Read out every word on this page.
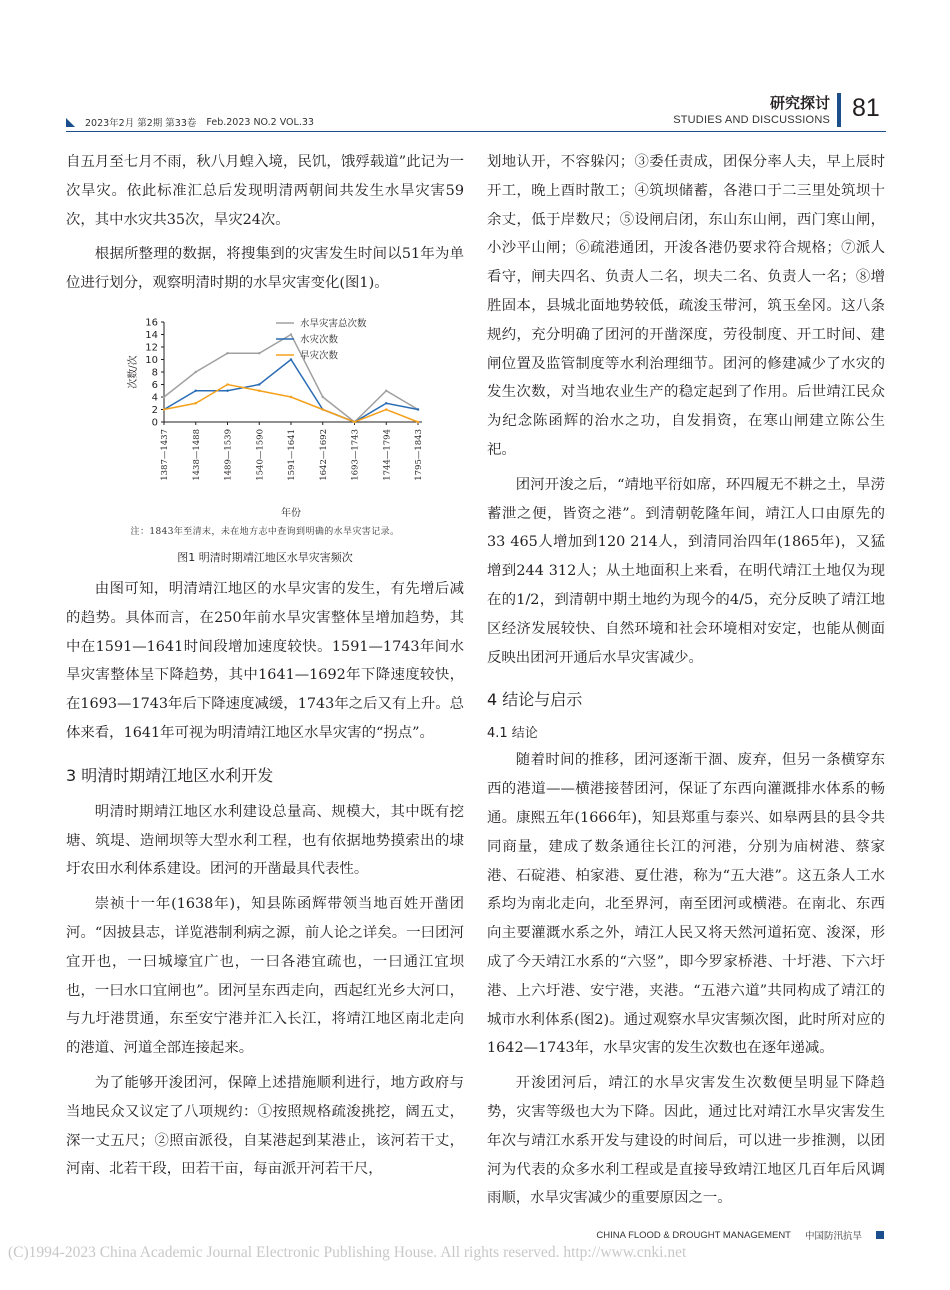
2023年2月 第2期 第33卷 Feb.2023 NO.2 VOL.33
研究探讨
STUDIES AND DISCUSSIONS 81

自五月至七月不雨，秋八月蝗入境，民饥，饿殍载道”此记为一次旱灾。依此标准汇总后发现明清两朝间共发生水旱灾害59次，其中水灾共35次，旱灾24次。

根据所整理的数据，将搜集到的灾害发生时间以51年为单位进行划分，观察明清时期的水旱灾害变化(图1)。

0
2
4
6
8
10
12
14
16
1387—1437	1438—1488	1489—1539	1540—1590	1591—1641	1642—1692	1693—1743	1744—1794	1795—1843
次数/次
年份
水旱灾害总次数
水灾次数
旱灾次数
注：1843年至清末，未在地方志中查询到明确的水旱灾害记录。
图1 明清时期靖江地区水旱灾害频次

由图可知，明清靖江地区的水旱灾害的发生，有先增后减的趋势。具体而言，在250年前水旱灾害整体呈增加趋势，其中在1591—1641时间段增加速度较快。1591—1743年间水旱灾害整体呈下降趋势，其中1641—1692年下降速度较快，在1693—1743年后下降速度减缓，1743年之后又有上升。总体来看，1641年可视为明清靖江地区水旱灾害的“拐点”。

3 明清时期靖江地区水利开发

明清时期靖江地区水利建设总量高、规模大，其中既有挖塘、筑堤、造闸坝等大型水利工程，也有依据地势摸索出的埭圩农田水利体系建设。团河的开凿最具代表性。

崇祯十一年(1638年)，知县陈函辉带领当地百姓开凿团河。“因披县志，详览港制利病之源，前人论之详矣。一曰团河宜开也，一曰城壕宜广也，一曰各港宜疏也，一曰通江宜坝也，一曰水口宜闸也”。团河呈东西走向，西起红光乡大河口，与九圩港贯通，东至安宁港并汇入长江，将靖江地区南北走向的港道、河道全部连接起来。

为了能够开浚团河，保障上述措施顺利进行，地方政府与当地民众又议定了八项规约：①按照规格疏浚挑挖，阔五丈，深一丈五尺；②照亩派役，自某港起到某港止，该河若干丈，河南、北若干段，田若干亩，每亩派开河若干尺，

划地认开，不容躲闪；③委任责成，团保分率人夫，早上辰时开工，晚上酉时散工；④筑坝储蓄，各港口于二三里处筑坝十余丈，低于岸数尺；⑤设闸启闭，东山东山闸，西门寒山闸，小沙平山闸；⑥疏港通团，开浚各港仍要求符合规格；⑦派人看守，闸夫四名、负责人二名，坝夫二名、负责人一名；⑧增胜固本，县城北面地势较低，疏浚玉带河，筑玉垒冈。这八条规约，充分明确了团河的开凿深度，劳役制度、开工时间、建闸位置及监管制度等水利治理细节。团河的修建减少了水灾的发生次数，对当地农业生产的稳定起到了作用。后世靖江民众为纪念陈函辉的治水之功，自发捐资，在寒山闸建立陈公生祀。

团河开浚之后，“靖地平衍如席，环四履无不耕之土，旱涝蓄泄之便，皆资之港”。到清朝乾隆年间，靖江人口由原先的33 465人增加到120 214人，到清同治四年(1865年)，又猛增到244 312人；从土地面积上来看，在明代靖江土地仅为现在的1/2，到清朝中期土地约为现今的4/5，充分反映了靖江地区经济发展较快、自然环境和社会环境相对安定，也能从侧面反映出团河开通后水旱灾害减少。

4 结论与启示
4.1 结论

随着时间的推移，团河逐渐干涸、废弃，但另一条横穿东西的港道——横港接替团河，保证了东西向灌溉排水体系的畅通。康熙五年(1666年)，知县郑重与泰兴、如皋两县的县令共同商量，建成了数条通往长江的河港，分别为庙树港、蔡家港、石碇港、柏家港、夏仕港，称为“五大港”。这五条人工水系均为南北走向，北至界河，南至团河或横港。在南北、东西向主要灌溉水系之外，靖江人民又将天然河道拓宽、浚深，形成了今天靖江水系的“六竖”，即今罗家桥港、十圩港、下六圩港、上六圩港、安宁港，夹港。“五港六道”共同构成了靖江的城市水利体系(图2)。通过观察水旱灾害频次图，此时所对应的1642—1743年，水旱灾害的发生次数也在逐年递减。

开浚团河后，靖江的水旱灾害发生次数便呈明显下降趋势，灾害等级也大为下降。因此，通过比对靖江水旱灾害发生年次与靖江水系开发与建设的时间后，可以进一步推测，以团河为代表的众多水利工程或是直接导致靖江地区几百年后风调雨顺，水旱灾害减少的重要原因之一。

CHINA FLOOD & DROUGHT MANAGEMENT 中国防汛抗旱
(C)1994-2023 China Academic Journal Electronic Publishing House. All rights reserved. http://www.cnki.net
